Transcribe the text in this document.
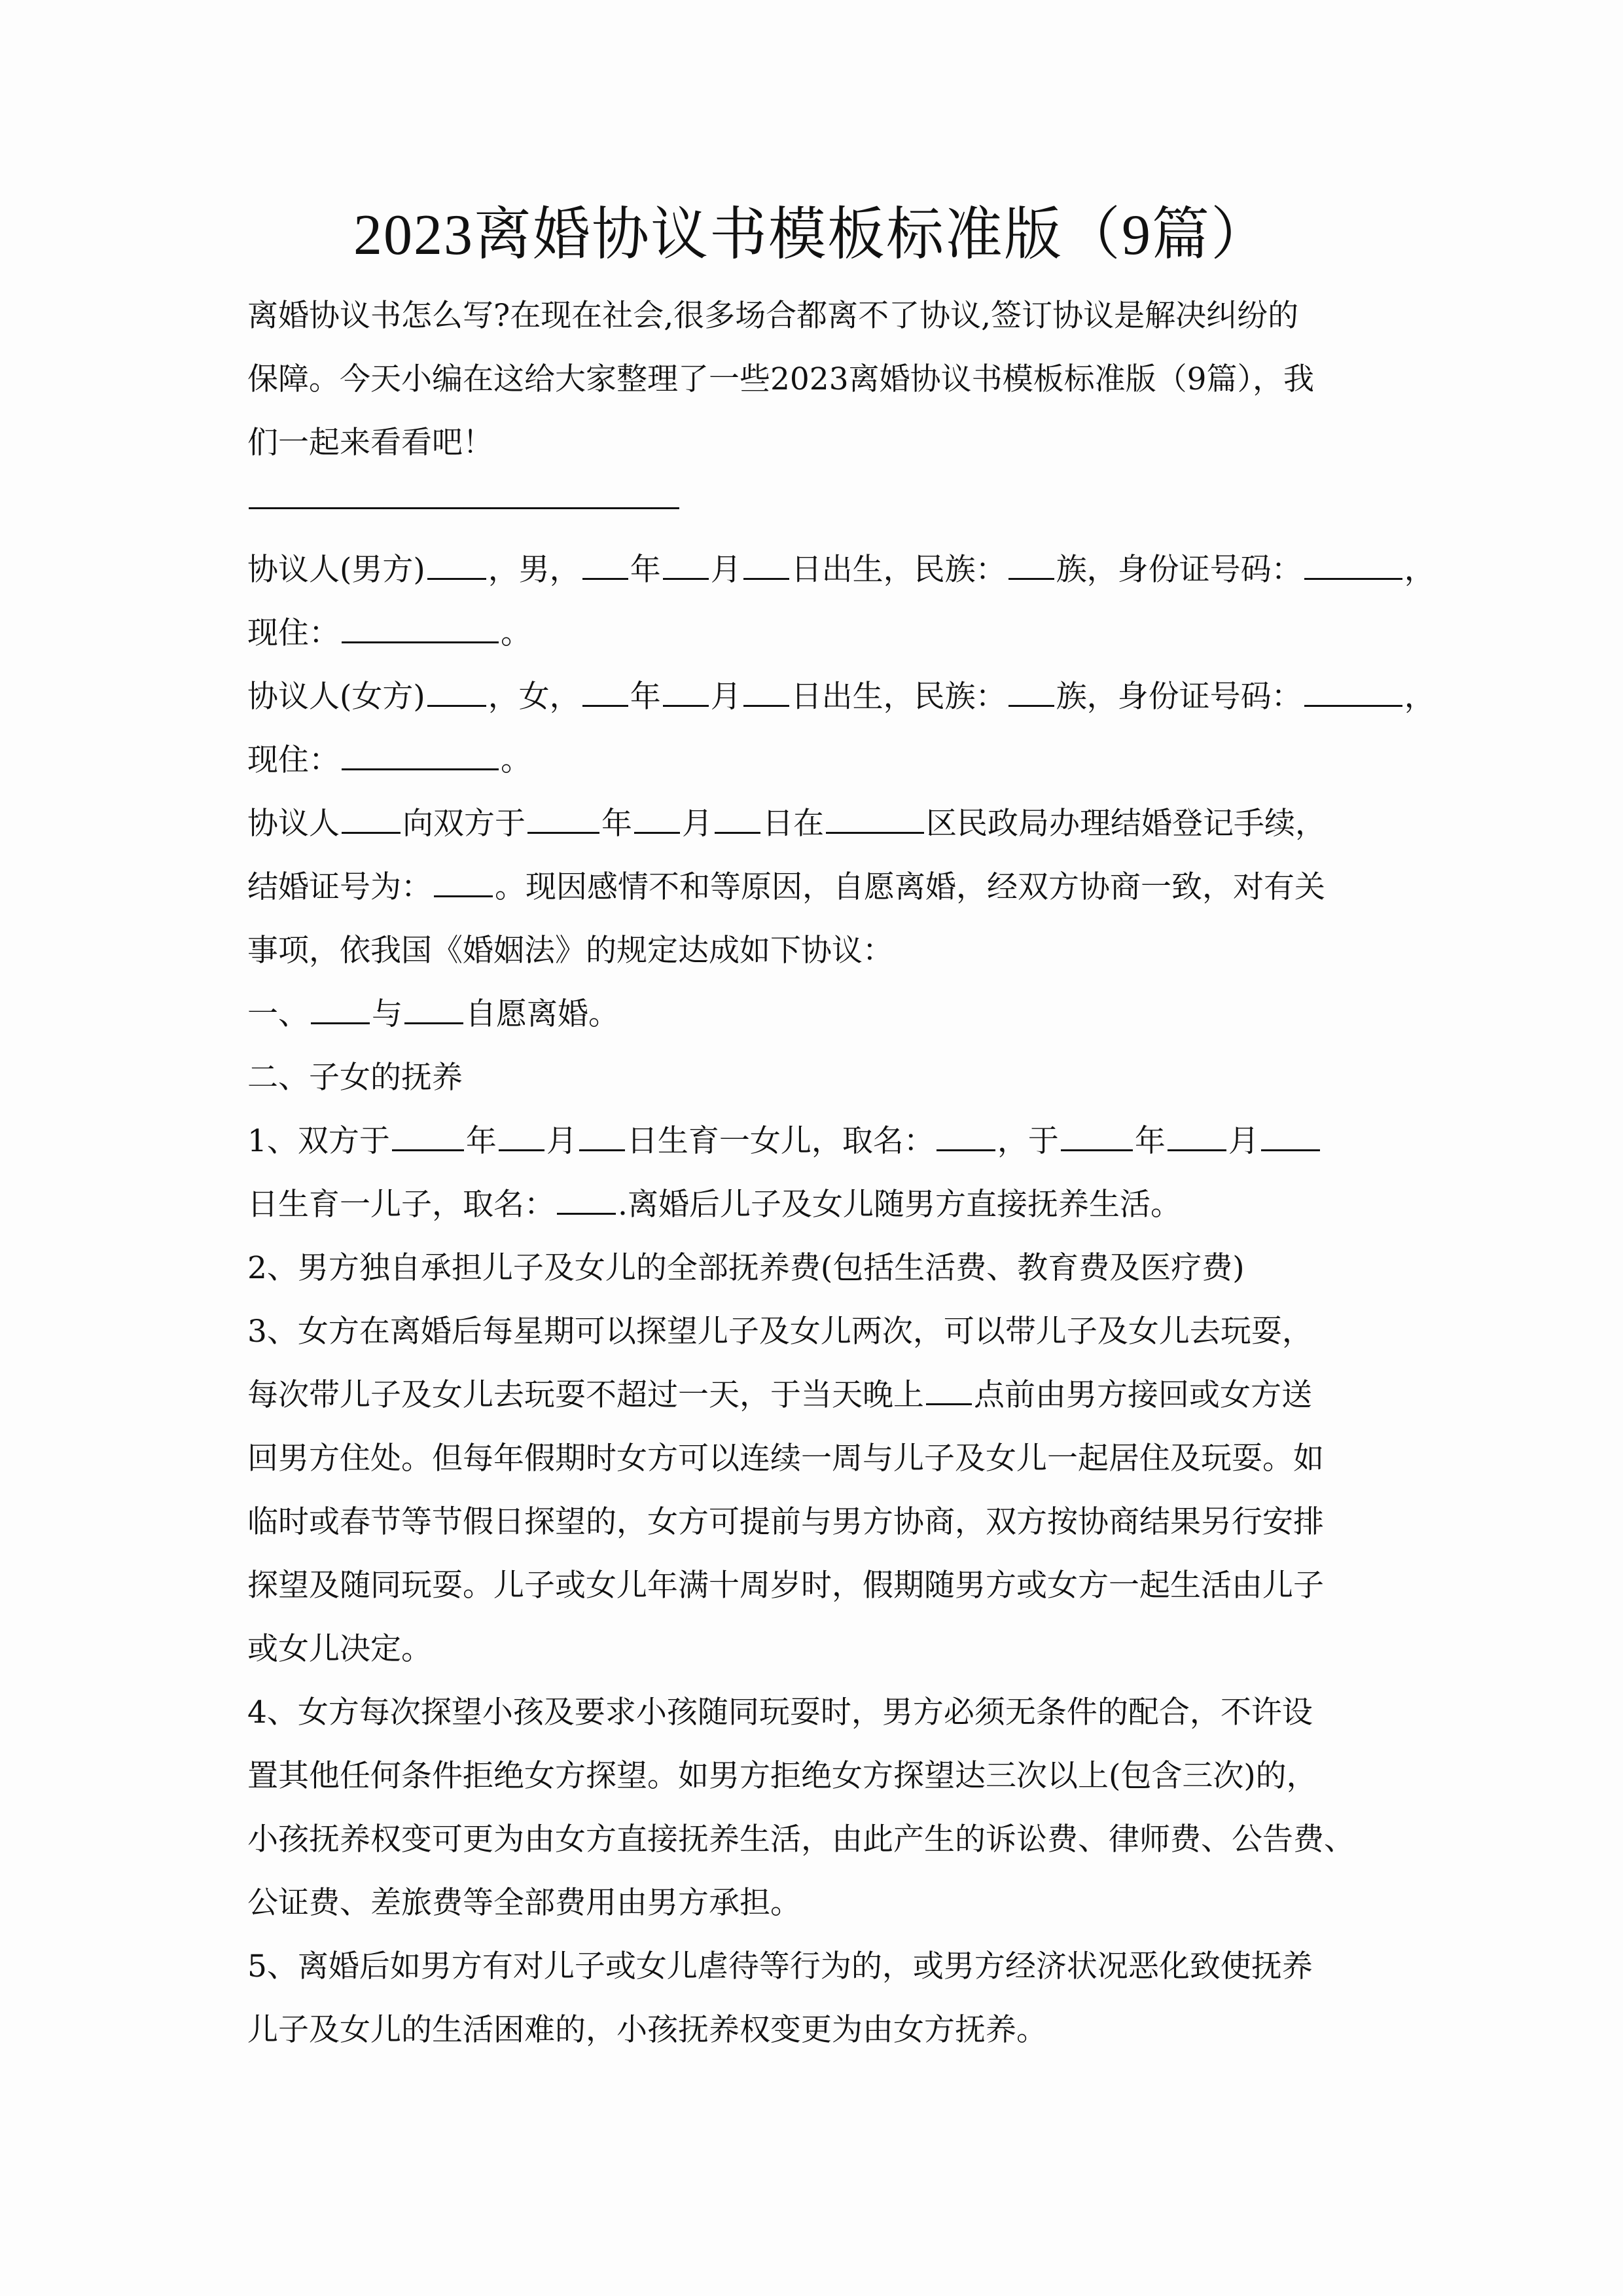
2023离婚协议书模板标准版（9篇）
离婚协议书怎么写?在现在社会,很多场合都离不了协议,签订协议是解决纠纷的
保障。今天小编在这给大家整理了一些2023离婚协议书模板标准版（9篇），我
们一起来看看吧！
————————————————
协议人(男方) ，男， 年 月 日出生，民族： 族，身份证号码：	，
现住：	。
协议人(女方) ，女， 年 月 日出生，民族： 族，身份证号码：	，
现住：	。
协议人 向双方于 年 月 日在	区民政局办理结婚登记手续，
结婚证号为： 。现因感情不和等原因，自愿离婚，经双方协商一致，对有关
事项，依我国《婚姻法》的规定达成如下协议：
一、 与 自愿离婚。
二、子女的抚养
1、双方于 年 月 日生育一女儿，取名： ，于 年 月
日生育一儿子，取名： .离婚后儿子及女儿随男方直接抚养生活。
2、男方独自承担儿子及女儿的全部抚养费(包括生活费、教育费及医疗费)
3、女方在离婚后每星期可以探望儿子及女儿两次，可以带儿子及女儿去玩耍，
每次带儿子及女儿去玩耍不超过一天，于当天晚上 点前由男方接回或女方送
回男方住处。但每年假期时女方可以连续一周与儿子及女儿一起居住及玩耍。如
临时或春节等节假日探望的，女方可提前与男方协商，双方按协商结果另行安排
探望及随同玩耍。儿子或女儿年满十周岁时，假期随男方或女方一起生活由儿子
或女儿决定。
4、女方每次探望小孩及要求小孩随同玩耍时，男方必须无条件的配合，不许设
置其他任何条件拒绝女方探望。如男方拒绝女方探望达三次以上(包含三次)的，
小孩抚养权变可更为由女方直接抚养生活，由此产生的诉讼费、律师费、公告费、
公证费、差旅费等全部费用由男方承担。
5、离婚后如男方有对儿子或女儿虐待等行为的，或男方经济状况恶化致使抚养
儿子及女儿的生活困难的，小孩抚养权变更为由女方抚养。
